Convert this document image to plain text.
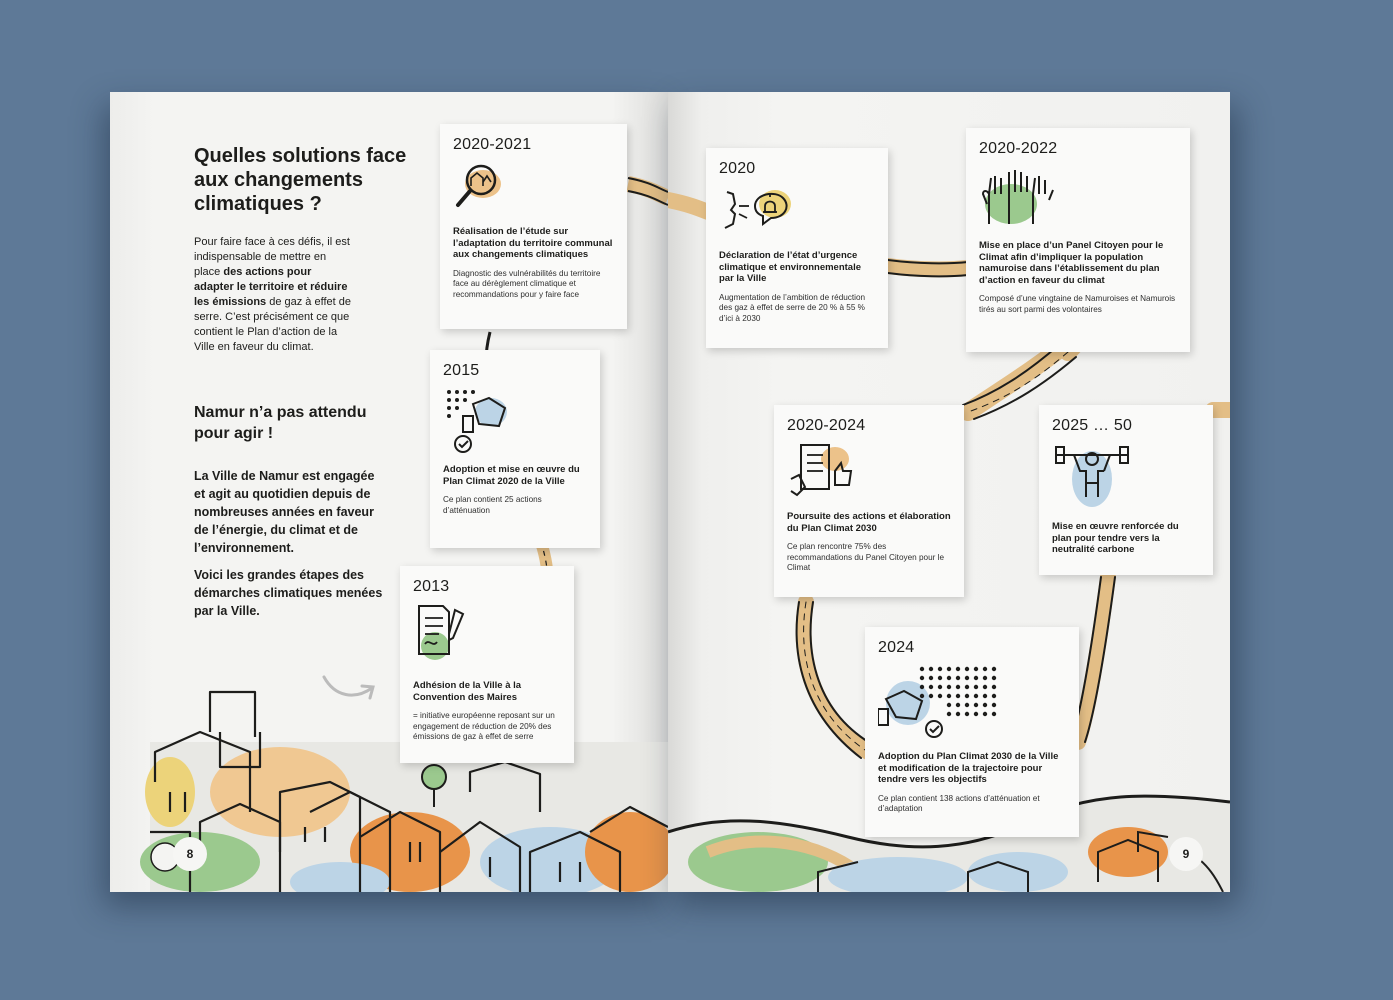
Quelles solutions face aux changements climatiques ?

Pour faire face à ces défis, il est indispensable de mettre en place des actions pour adapter le territoire et réduire les émissions de gaz à effet de serre. C’est précisément ce que contient le Plan d’action de la Ville en faveur du climat.

Namur n’a pas attendu pour agir !

La Ville de Namur est engagée et agit au quotidien depuis de nombreuses années en faveur de l’énergie, du climat et de l’environnement.

Voici les grandes étapes des démarches climatiques menées par la Ville.

8
2020-2021

Réalisation de l’étude sur l’adaptation du territoire communal aux changements climatiques

Diagnostic des vulnérabilités du territoire face au dérèglement climatique et recommandations pour y faire face

2015

Adoption et mise en œuvre du Plan Climat 2020 de la Ville

Ce plan contient 25 actions d’atténuation

2013

Adhésion de la Ville à la Convention des Maires

= initiative européenne reposant sur un engagement de réduction de 20% des émissions de gaz à effet de serre

2020

Déclaration de l’état d’urgence climatique et environnementale par la Ville

Augmentation de l’ambition de réduction des gaz à effet de serre de 20 % à 55 % d’ici à 2030

2020-2022

Mise en place d’un Panel Citoyen pour le Climat afin d’impliquer la population namuroise dans l’établissement du plan d’action en faveur du climat

Composé d’une vingtaine de Namuroises et Namurois tirés au sort parmi des volontaires

2020-2024

Poursuite des actions et élaboration du Plan Climat 2030

Ce plan rencontre 75% des recommandations du Panel Citoyen pour le Climat

2025 … 50

Mise en œuvre renforcée du plan pour tendre vers la neutralité carbone

2024

Adoption du Plan Climat 2030 de la Ville et modification de la trajectoire pour tendre vers les objectifs

Ce plan contient 138 actions d’atténuation et d’adaptation

9
